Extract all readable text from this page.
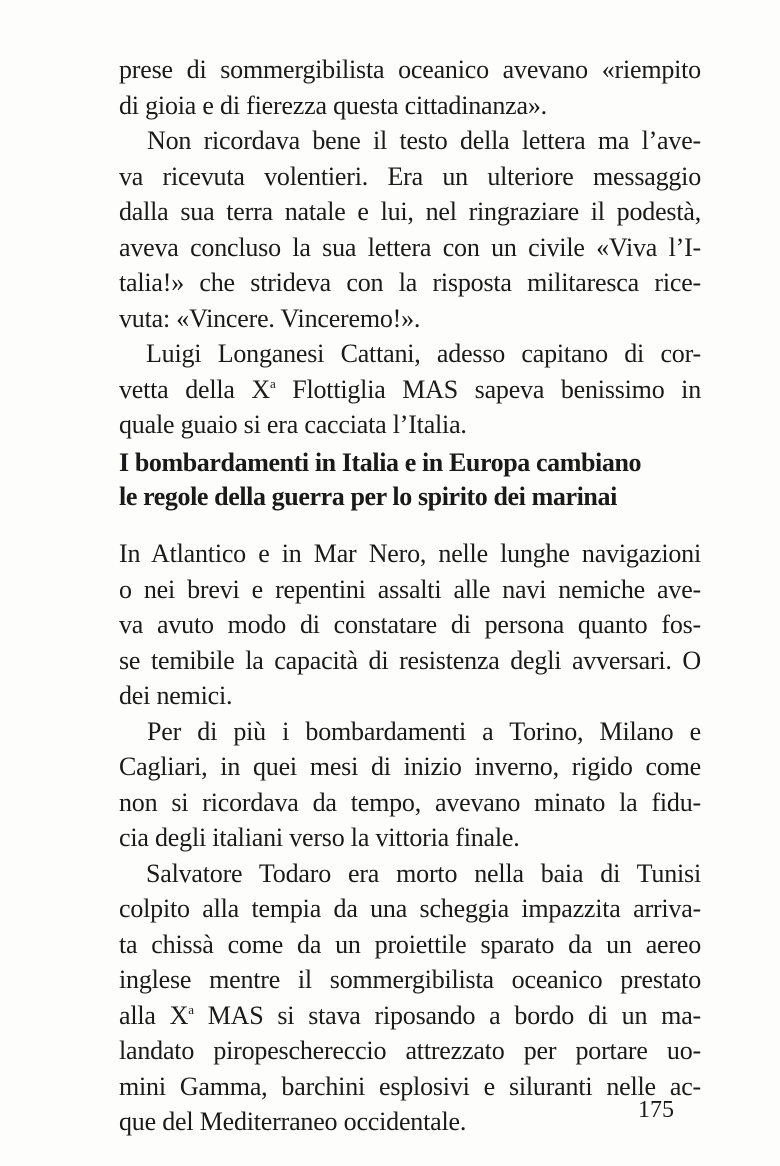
prese di sommergibilista oceanico avevano «riempito
di gioia e di fierezza questa cittadinanza».
Non ricordava bene il testo della lettera ma l’ave-
va ricevuta volentieri. Era un ulteriore messaggio
dalla sua terra natale e lui, nel ringraziare il podestà,
aveva concluso la sua lettera con un civile «Viva l’I-
talia!» che strideva con la risposta militaresca rice-
vuta: «Vincere. Vinceremo!».
Luigi Longanesi Cattani, adesso capitano di cor-
vetta della $X^a$ Flottiglia MAS sapeva benissimo in
quale guaio si era cacciata l’Italia.
I bombardamenti in Italia e in Europa cambiano
le regole della guerra per lo spirito dei marinai
In Atlantico e in Mar Nero, nelle lunghe navigazioni
o nei brevi e repentini assalti alle navi nemiche ave-
va avuto modo di constatare di persona quanto fos-
se temibile la capacità di resistenza degli avversari. O
dei nemici.
Per di più i bombardamenti a Torino, Milano e
Cagliari, in quei mesi di inizio inverno, rigido come
non si ricordava da tempo, avevano minato la fidu-
cia degli italiani verso la vittoria finale.
Salvatore Todaro era morto nella baia di Tunisi
colpito alla tempia da una scheggia impazzita arriva-
ta chissà come da un proiettile sparato da un aereo
inglese mentre il sommergibilista oceanico prestato
alla $X^a$ MAS si stava riposando a bordo di un ma-
landato piropeschereccio attrezzato per portare uo-
mini Gamma, barchini esplosivi e siluranti nelle ac-
que del Mediterraneo occidentale.	175
